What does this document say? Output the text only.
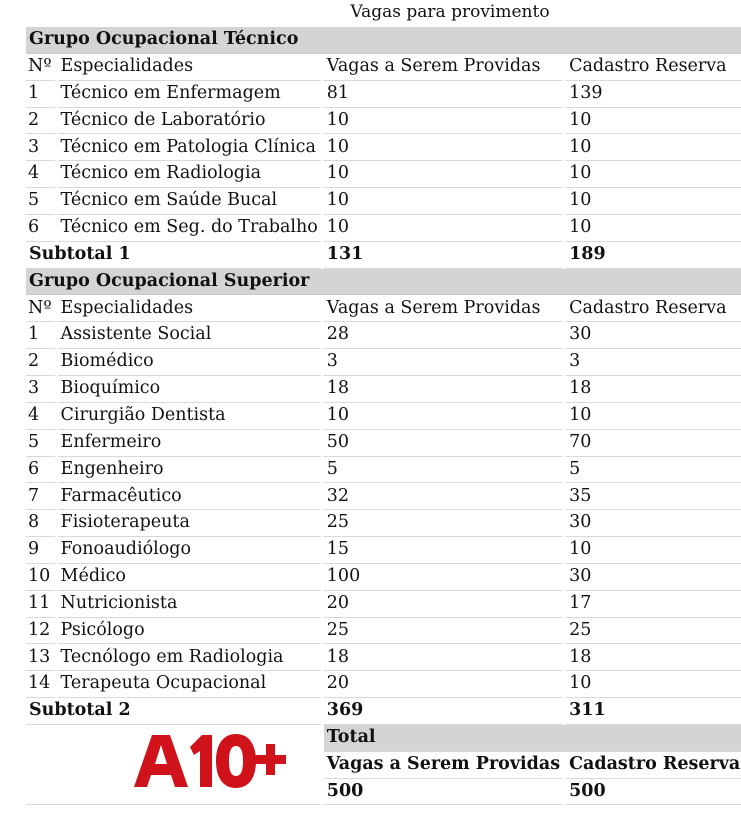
Vagas para provimento
Grupo Ocupacional Técnico			
Nº	Especialidades	Vagas a Serem Providas	Cadastro Reserva
1	Técnico em Enfermagem	81	139
2	Técnico de Laboratório	10	10
3	Técnico em Patologia Clínica	10	10
4	Técnico em Radiologia	10	10
5	Técnico em Saúde Bucal	10	10
6	Técnico em Seg. do Trabalho	10	10
Subtotal 1		131	189
Grupo Ocupacional Superior			
Nº	Especialidades	Vagas a Serem Providas	Cadastro Reserva
1	Assistente Social	28	30
2	Biomédico	3	3
3	Bioquímico	18	18
4	Cirurgião Dentista	10	10
5	Enfermeiro	50	70
6	Engenheiro	5	5
7	Farmacêutico	32	35
8	Fisioterapeuta	25	30
9	Fonoaudiólogo	15	10
10	Médico	100	30
11	Nutricionista	20	17
12	Psicólogo	25	25
13	Tecnólogo em Radiologia	18	18
14	Terapeuta Ocupacional	20	10
Subtotal 2		369	311

	Total	
		Vagas a Serem Providas	Cadastro Reserva
		500	500
